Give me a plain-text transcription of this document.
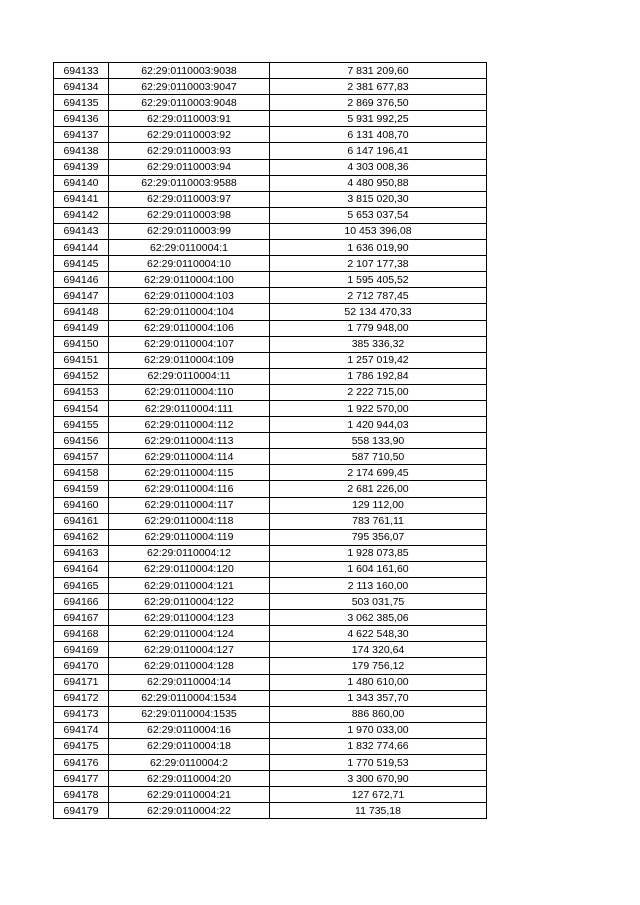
694133	62:29:0110003:9038	7 831 209,60
694134	62:29:0110003:9047	2 381 677,83
694135	62:29:0110003:9048	2 869 376,50
694136	62:29:0110003:91	5 931 992,25
694137	62:29:0110003:92	6 131 408,70
694138	62:29:0110003:93	6 147 196,41
694139	62:29:0110003:94	4 303 008,36
694140	62:29:0110003:9588	4 480 950,88
694141	62:29:0110003:97	3 815 020,30
694142	62:29:0110003:98	5 653 037,54
694143	62:29:0110003:99	10 453 396,08
694144	62:29:0110004:1	1 636 019,90
694145	62:29:0110004:10	2 107 177,38
694146	62:29:0110004:100	1 595 405,52
694147	62:29:0110004:103	2 712 787,45
694148	62:29:0110004:104	52 134 470,33
694149	62:29:0110004:106	1 779 948,00
694150	62:29:0110004:107	385 336,32
694151	62:29:0110004:109	1 257 019,42
694152	62:29:0110004:11	1 786 192,84
694153	62:29:0110004:110	2 222 715,00
694154	62:29:0110004:111	1 922 570,00
694155	62:29:0110004:112	1 420 944,03
694156	62:29:0110004:113	558 133,90
694157	62:29:0110004:114	587 710,50
694158	62:29:0110004:115	2 174 699,45
694159	62:29:0110004:116	2 681 226,00
694160	62:29:0110004:117	129 112,00
694161	62:29:0110004:118	783 761,11
694162	62:29:0110004:119	795 356,07
694163	62:29:0110004:12	1 928 073,85
694164	62:29:0110004:120	1 604 161,60
694165	62:29:0110004:121	2 113 160,00
694166	62:29:0110004:122	503 031,75
694167	62:29:0110004:123	3 062 385,06
694168	62:29:0110004:124	4 622 548,30
694169	62:29:0110004:127	174 320,64
694170	62:29:0110004:128	179 756,12
694171	62:29:0110004:14	1 480 610,00
694172	62:29:0110004:1534	1 343 357,70
694173	62:29:0110004:1535	886 860,00
694174	62:29:0110004:16	1 970 033,00
694175	62:29:0110004:18	1 832 774,66
694176	62:29:0110004:2	1 770 519,53
694177	62:29:0110004:20	3 300 670,90
694178	62:29:0110004:21	127 672,71
694179	62:29:0110004:22	11 735,18
